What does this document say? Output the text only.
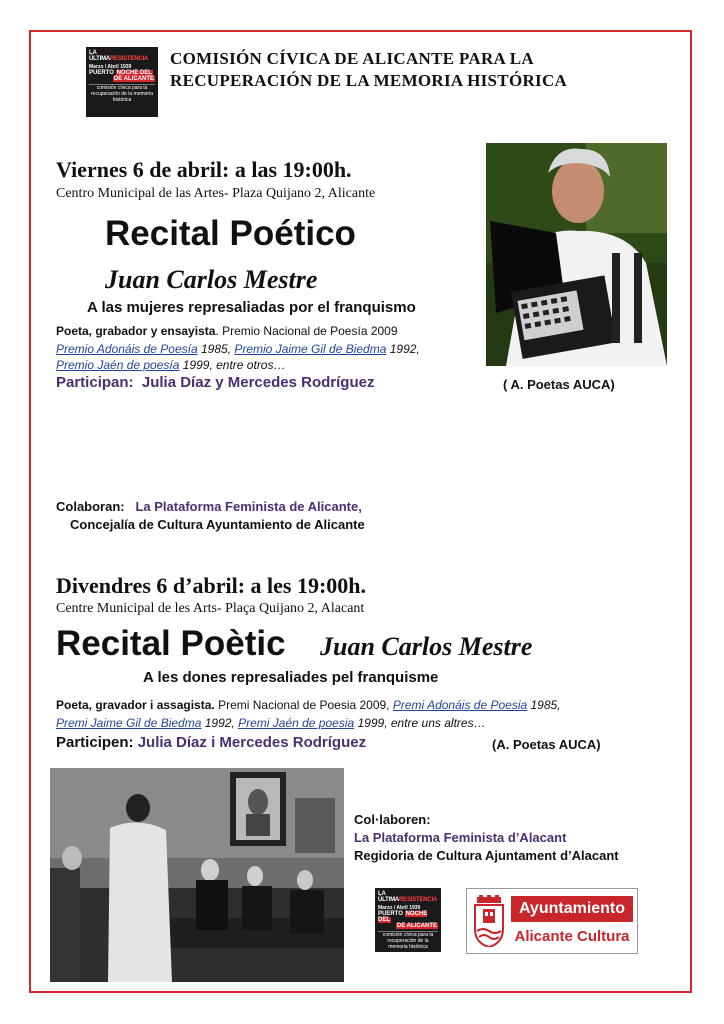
LA ÚLTIMARESISTENCIA
Marzo / Abril 1939
PUERTO NOCHE DEL
DE ALICANTE
comisión cívica para la recuperación de la memoria histórica
COMISIÓN CÍVICA DE ALICANTE PARA LA
RECUPERACIÓN DE LA MEMORIA HISTÓRICA
Viernes 6 de abril: a las 19:00h.
Centro Municipal de las Artes- Plaza Quijano 2, Alicante
Recital Poético
Juan Carlos Mestre
A las mujeres represaliadas por el franquismo
Poeta, grabador y ensayista. Premio Nacional de Poesía 2009
Premio Adonáis de Poesía 1985, Premio Jaime Gil de Biedma 1992,
Premio Jaén de poesía 1999, entre otros…
Participan: Julia Díaz y Mercedes Rodríguez	( A. Poetas AUCA)
Colaboran: La Plataforma Feminista de Alicante,
Concejalía de Cultura Ayuntamiento de Alicante
Divendres 6 d’abril: a les 19:00h.
Centre Municipal de les Arts- Plaça Quijano 2, Alacant
Recital Poètic Juan Carlos Mestre
A les dones represaliades pel franquisme
Poeta, gravador i assagista. Premi Nacional de Poesia 2009, Premi Adonáis de Poesia 1985,
Premi Jaime Gil de Biedma 1992, Premi Jaén de poesia 1999, entre uns altres…
Participen: Julia Díaz i Mercedes Rodríguez	(A. Poetas AUCA)
Col·laboren:
La Plataforma Feminista d’Alacant
Regidoria de Cultura Ajuntament d’Alacant
LA ÚLTIMARESISTENCIA
Marzo / Abril 1939
PUERTO NOCHE DEL
DE ALICANTE
comisión cívica para la recuperación de la memoria histórica
Ayuntamiento
Alicante Cultura
